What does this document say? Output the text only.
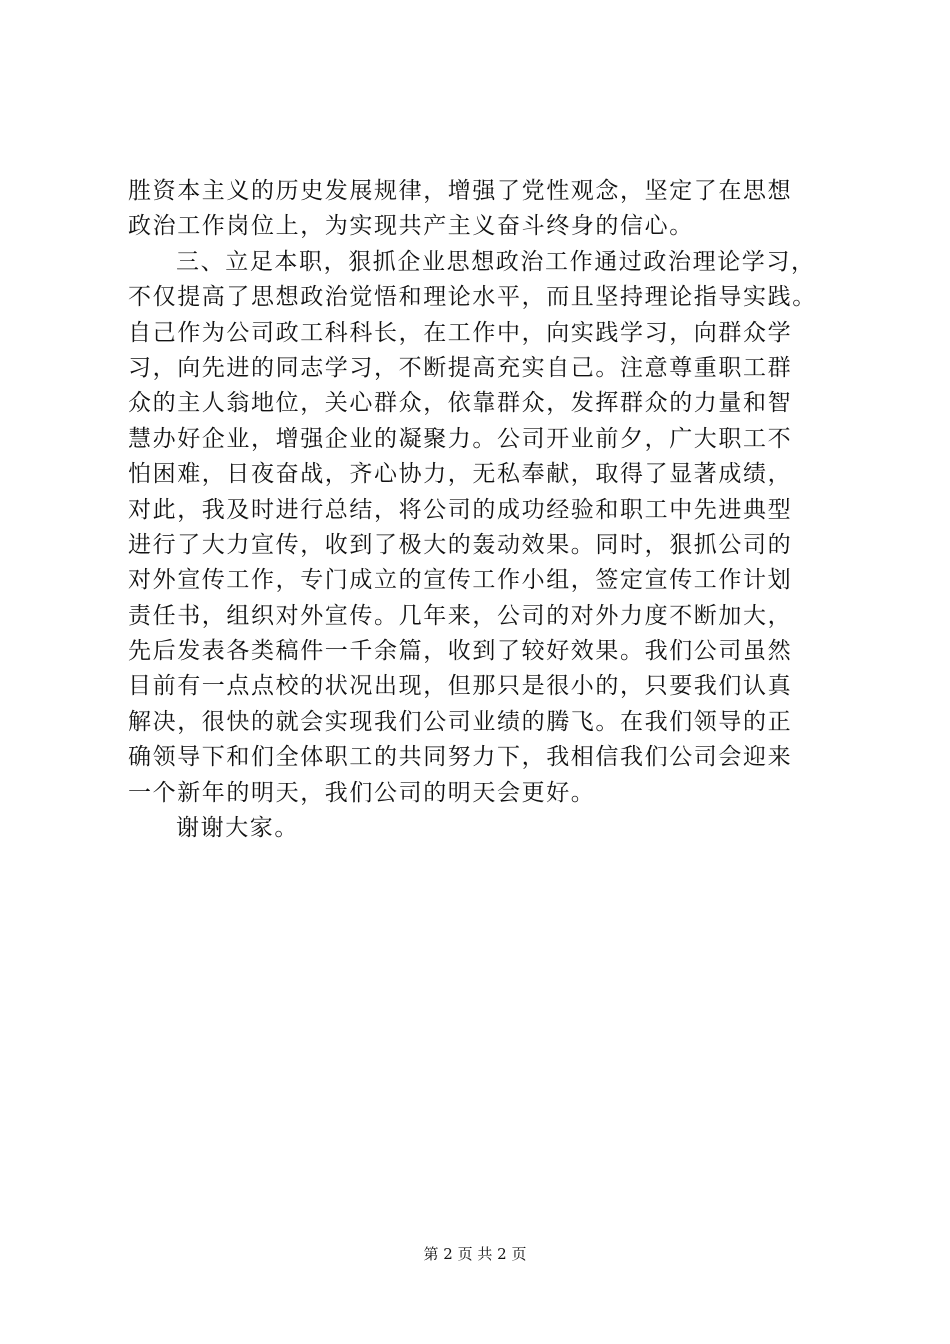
胜资本主义的历史发展规律，增强了党性观念，坚定了在思想
政治工作岗位上，为实现共产主义奋斗终身的信心。
三、立足本职，狠抓企业思想政治工作通过政治理论学习，
不仅提高了思想政治觉悟和理论水平，而且坚持理论指导实践。
自己作为公司政工科科长，在工作中，向实践学习，向群众学
习，向先进的同志学习，不断提高充实自己。注意尊重职工群
众的主人翁地位，关心群众，依靠群众，发挥群众的力量和智
慧办好企业，增强企业的凝聚力。公司开业前夕，广大职工不
怕困难，日夜奋战，齐心协力，无私奉献，取得了显著成绩，
对此，我及时进行总结，将公司的成功经验和职工中先进典型
进行了大力宣传，收到了极大的轰动效果。同时，狠抓公司的
对外宣传工作，专门成立的宣传工作小组，签定宣传工作计划
责任书，组织对外宣传。几年来，公司的对外力度不断加大，
先后发表各类稿件一千余篇，收到了较好效果。我们公司虽然
目前有一点点校的状况出现，但那只是很小的，只要我们认真
解决，很快的就会实现我们公司业绩的腾飞。在我们领导的正
确领导下和们全体职工的共同努力下，我相信我们公司会迎来
一个新年的明天，我们公司的明天会更好。
谢谢大家。
第 2 页 共 2 页
